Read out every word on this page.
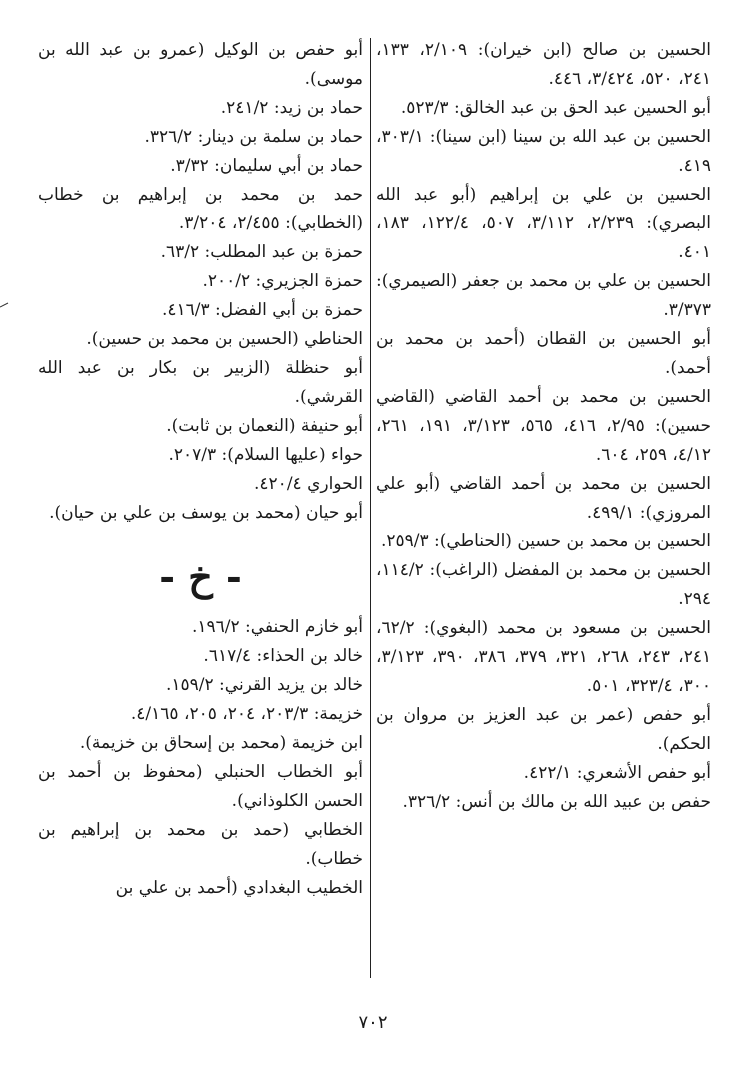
الحسين بن صالح (ابن خيران): ٢/١٠٩، ١٣٣، ٢٤١، ٥٢٠، ٣/٤٢٤، ٤٤٦.

أبو الحسين عبد الحق بن عبد الخالق: ٥٢٣/٣.

الحسين بن عبد الله بن سينا (ابن سينا): ٣٠٣/١، ٤١٩.

الحسين بن علي بن إبراهيم (أبو عبد الله البصري): ٢/٢٣٩، ٣/١١٢، ٥٠٧، ١٢٢/٤، ١٨٣، ٤٠١.

الحسين بن علي بن محمد بن جعفر (الصيمري): ٣/٣٧٣.

أبو الحسين بن القطان (أحمد بن محمد بن أحمد).

الحسين بن محمد بن أحمد القاضي (القاضي حسين): ٢/٩٥، ٤١٦، ٥٦٥، ٣/١٢٣، ١٩١، ٢٦١، ٤/١٢، ٢٥٩، ٦٠٤.

الحسين بن محمد بن أحمد القاضي (أبو علي المروزي): ٤٩٩/١.

الحسين بن محمد بن حسين (الحناطي): ٢٥٩/٣.

الحسين بن محمد بن المفضل (الراغب): ١١٤/٢، ٢٩٤.

الحسين بن مسعود بن محمد (البغوي): ٦٢/٢، ٢٤١، ٢٤٣، ٢٦٨، ٣٢١، ٣٧٩، ٣٨٦، ٣٩٠، ٣/١٢٣، ٣٠٠، ٣٢٣/٤، ٥٠١.

أبو حفص (عمر بن عبد العزيز بن مروان بن الحكم).

أبو حفص الأشعري: ٤٢٢/١.

حفص بن عبيد الله بن مالك بن أنس: ٣٢٦/٢.

أبو حفص بن الوكيل (عمرو بن عبد الله بن موسى).

حماد بن زيد: ٢٤١/٢.

حماد بن سلمة بن دينار: ٣٢٦/٢.

حماد بن أبي سليمان: ٣/٣٢.

حمد بن محمد بن إبراهيم بن خطاب (الخطابي): ٢/٤٥٥، ٣/٢٠٤.

حمزة بن عبد المطلب: ٦٣/٢.

حمزة الجزيري: ٢٠٠/٢.

حمزة بن أبي الفضل: ٤١٦/٣.

الحناطي (الحسين بن محمد بن حسين).

أبو حنظلة (الزبير بن بكار بن عبد الله القرشي).

أبو حنيفة (النعمان بن ثابت).

حواء (عليها السلام): ٢٠٧/٣.

الحواري ٤٢٠/٤.

أبو حيان (محمد بن يوسف بن علي بن حيان).

- خ -

أبو خازم الحنفي: ١٩٦/٢.

خالد بن الحذاء: ٦١٧/٤.

خالد بن يزيد القرني: ١٥٩/٢.

خزيمة: ٢٠٣/٣، ٢٠٤، ٢٠٥، ٤/١٦٥.

ابن خزيمة (محمد بن إسحاق بن خزيمة).

أبو الخطاب الحنبلي (محفوظ بن أحمد بن الحسن الكلوذاني).

الخطابي (حمد بن محمد بن إبراهيم بن خطاب).

الخطيب البغدادي (أحمد بن علي بن

٧٠٢
